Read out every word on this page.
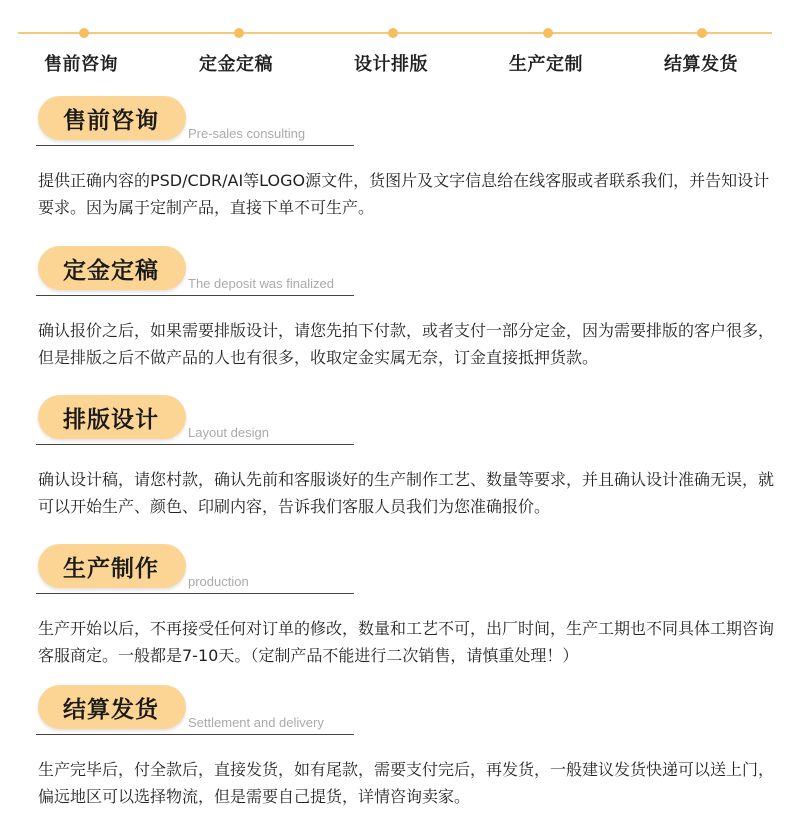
售前咨询	定金定稿	设计排版	生产定制	结算发货
售前咨询	Pre-sales consulting
提供正确内容的PSD/CDR/AI等LOGO源文件，货图片及文字信息给在线客服或者联系我们，并告知设计要求。因为属于定制产品，直接下单不可生产。
定金定稿	The deposit was finalized
确认报价之后，如果需要排版设计，请您先拍下付款，或者支付一部分定金，因为需要排版的客户很多，但是排版之后不做产品的人也有很多，收取定金实属无奈，订金直接抵押货款。
排版设计	Layout design
确认设计稿，请您村款，确认先前和客服谈好的生产制作工艺、数量等要求，并且确认设计准确无误，就可以开始生产、颜色、印刷内容，告诉我们客服人员我们为您准确报价。
生产制作	production
生产开始以后，不再接受任何对订单的修改，数量和工艺不可，出厂时间，生产工期也不同具体工期咨询客服商定。一般都是7-10天。（定制产品不能进行二次销售，请慎重处理！）
结算发货	Settlement and delivery
生产完毕后，付全款后，直接发货，如有尾款，需要支付完后，再发货，一般建议发货快递可以送上门，偏远地区可以选择物流，但是需要自己提货，详情咨询卖家。
